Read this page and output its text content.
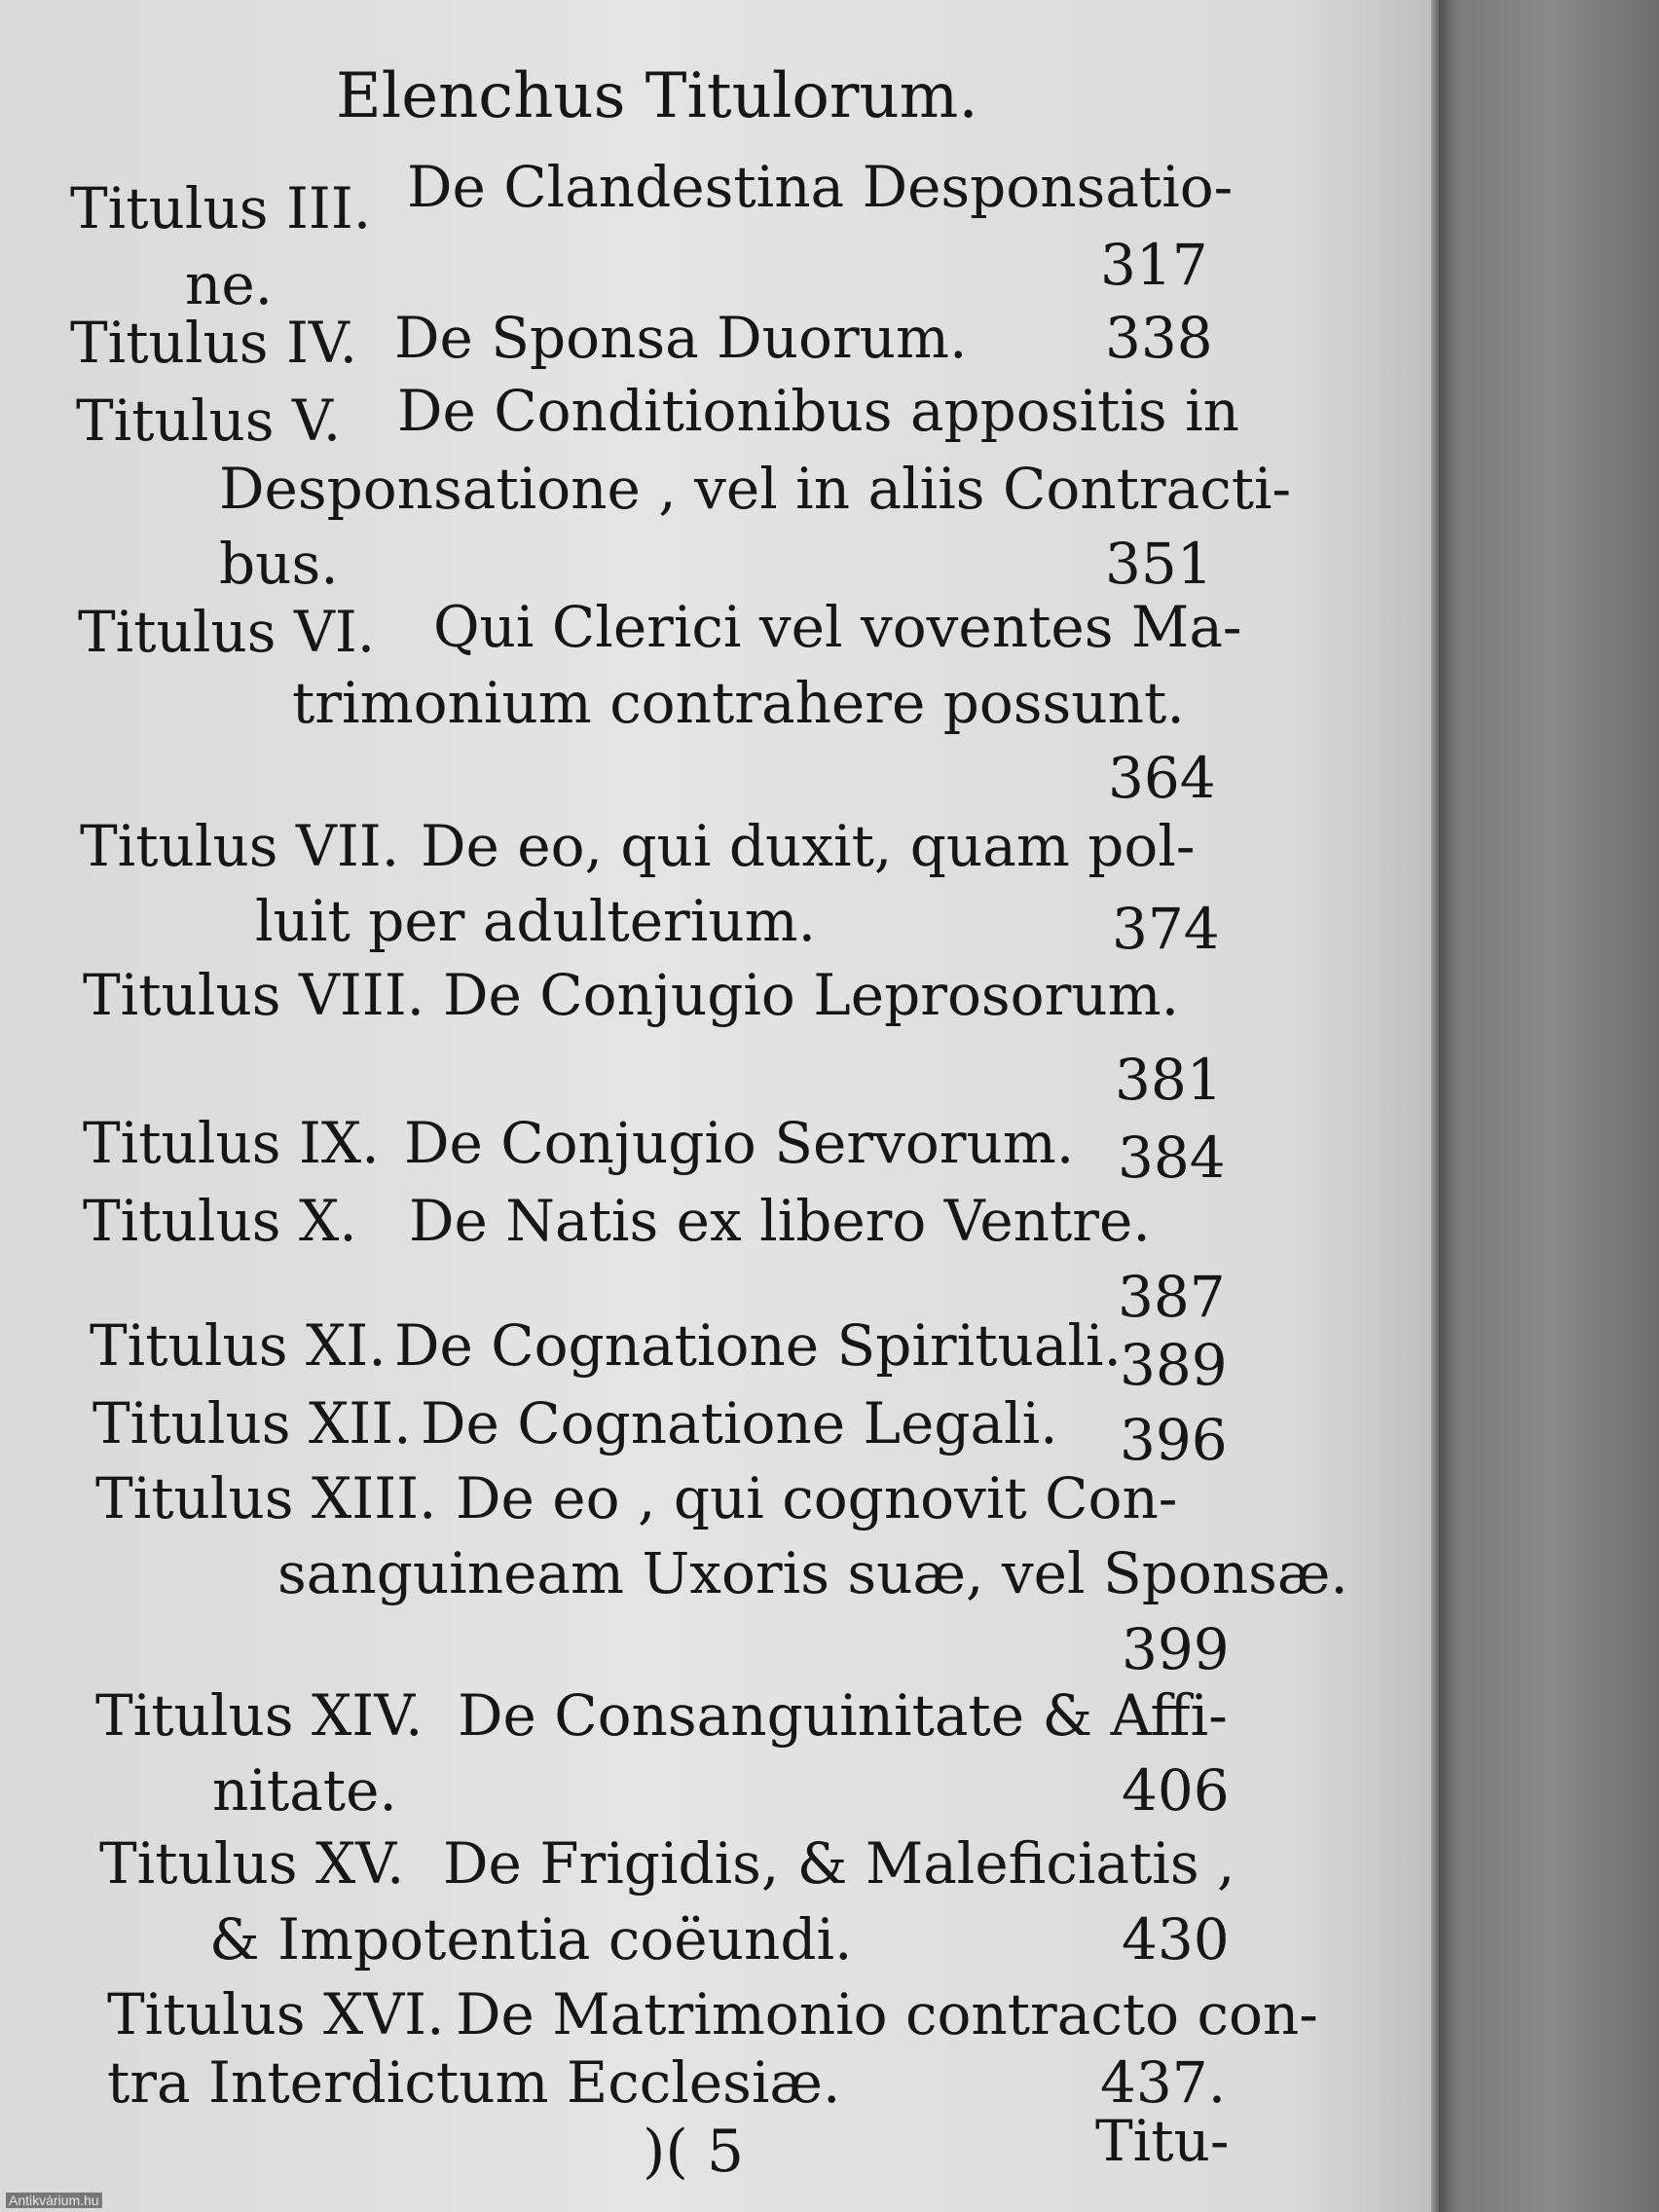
Elenchus Titulorum.
Titulus III. De Clandestina Desponsatio-
ne.	317
Titulus IV. De Sponsa Duorum. 338
Titulus V. De Conditionibus appositis in
Desponsatione , vel in aliis Contracti-
bus.	351
Titulus VI. Qui Clerici vel voventes Ma-
trimonium contrahere possunt.
364
Titulus VII. De eo, qui duxit, quam pol-
luit per adulterium.	374
Titulus VIII. De Conjugio Leprosorum.
381
Titulus IX. De Conjugio Servorum. 384
Titulus X. De Natis ex libero Ventre.
387
Titulus XI. De Cognatione Spirituali.
389
Titulus XII. De Cognatione Legali. 396
Titulus XIII. De eo , qui cognovit Con-
sanguineam Uxoris suæ, vel Sponsæ.
399
Titulus XIV. De Consanguinitate & Affi-
nitate.	406
Titulus XV. De Frigidis, & Maleficiatis ,
& Impotentia coëundi.	430
Titulus XVI. De Matrimonio contracto con-
tra Interdictum Ecclesiæ.	437.
)( 5	Titu-
Antikvárium.hu
